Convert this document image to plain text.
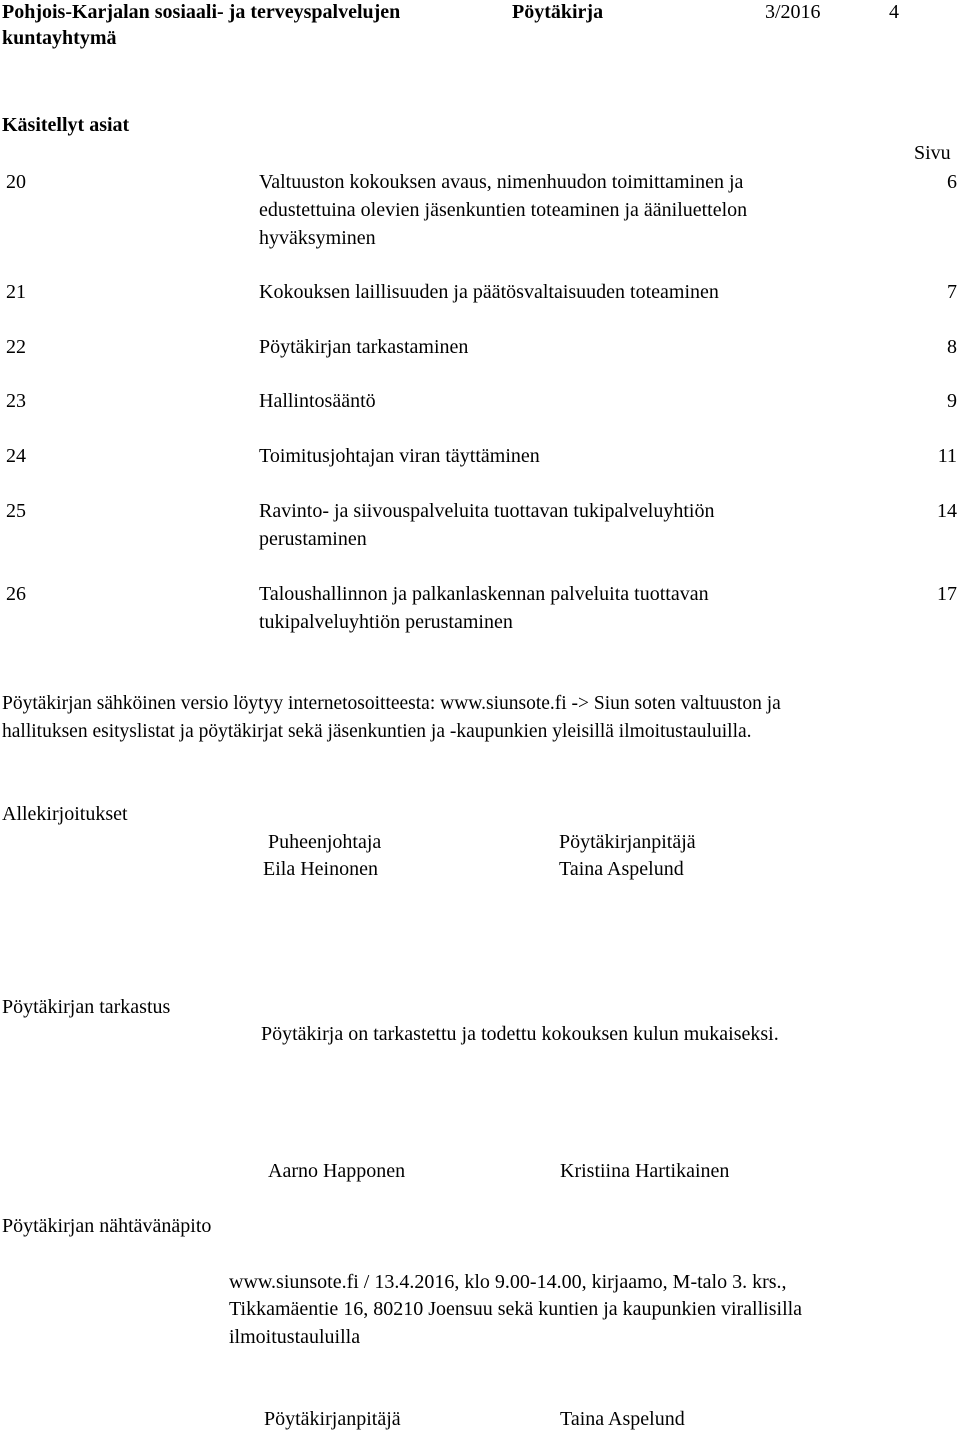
Pohjois-Karjalan sosiaali- ja terveyspalvelujen
kuntayhtymä
Pöytäkirja	3/2016	4
Käsitellyt asiat
Sivu
20	Valtuuston kokouksen avaus, nimenhuudon toimittaminen ja
edustettuina olevien jäsenkuntien toteaminen ja ääniluettelon
hyväksyminen
6
21	Kokouksen laillisuuden ja päätösvaltaisuuden toteaminen	7
22	Pöytäkirjan tarkastaminen	8
23	Hallintosääntö	9
24	Toimitusjohtajan viran täyttäminen	11
25	Ravinto- ja siivouspalveluita tuottavan tukipalveluyhtiön
perustaminen
14
26	Taloushallinnon ja palkanlaskennan palveluita tuottavan
tukipalveluyhtiön perustaminen
17
Pöytäkirjan sähköinen versio löytyy internetosoitteesta: www.siunsote.fi -> Siun soten valtuuston ja
hallituksen esityslistat ja pöytäkirjat sekä jäsenkuntien ja -kaupunkien yleisillä ilmoitustauluilla.
Allekirjoitukset
Puheenjohtaja
Eila Heinonen
Pöytäkirjanpitäjä
Taina Aspelund
Pöytäkirjan tarkastus
Pöytäkirja on tarkastettu ja todettu kokouksen kulun mukaiseksi.
Aarno Happonen	Kristiina Hartikainen
Pöytäkirjan nähtävänäpito
www.siunsote.fi / 13.4.2016, klo 9.00-14.00, kirjaamo, M-talo 3. krs.,
Tikkamäentie 16, 80210 Joensuu sekä kuntien ja kaupunkien virallisilla
ilmoitustauluilla
Pöytäkirjanpitäjä	Taina Aspelund
